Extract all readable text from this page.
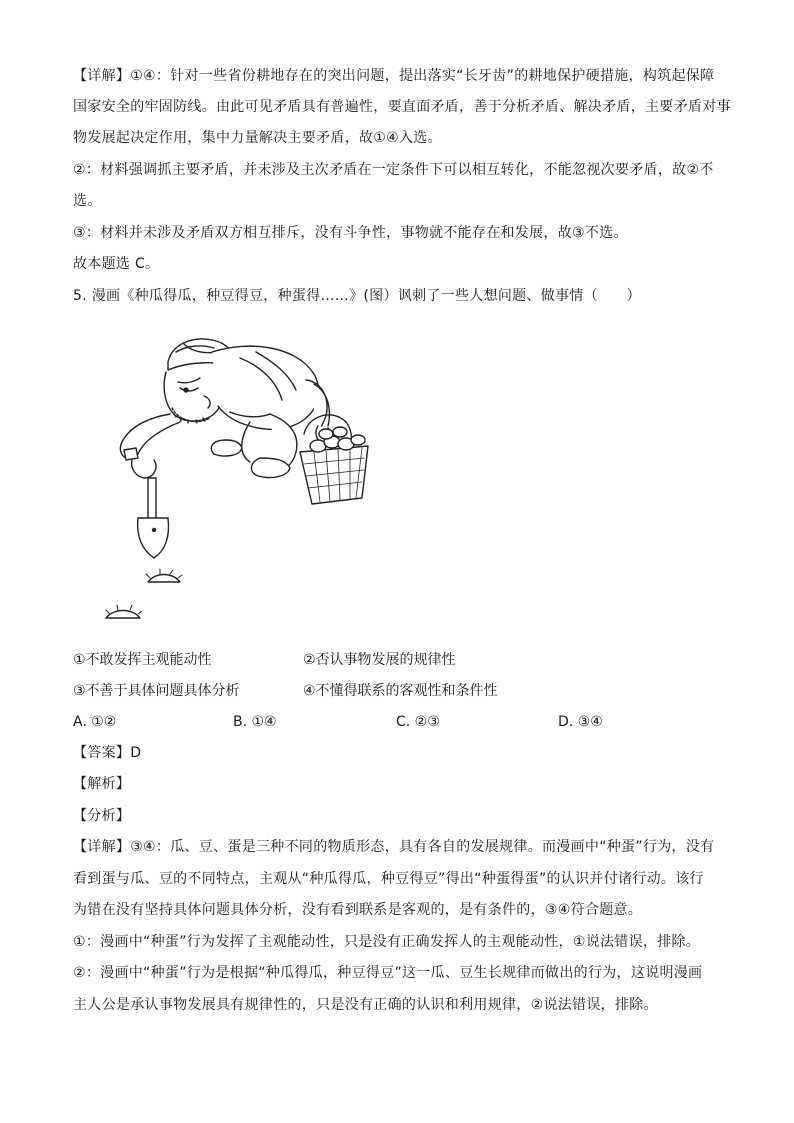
【详解】①④：针对一些省份耕地存在的突出问题，提出落实“长牙齿”的耕地保护硬措施，构筑起保障
国家安全的牢固防线。由此可见矛盾具有普遍性，要直面矛盾，善于分析矛盾、解决矛盾，主要矛盾对事
物发展起决定作用，集中力量解决主要矛盾，故①④入选。
②：材料强调抓主要矛盾，并未涉及主次矛盾在一定条件下可以相互转化，不能忽视次要矛盾，故②不
选。
③：材料并未涉及矛盾双方相互排斥，没有斗争性，事物就不能存在和发展，故③不选。
故本题选 C。
5. 漫画《种瓜得瓜，种豆得豆，种蛋得……》(图）讽刺了一些人想问题、做事情（　　）
①不敢发挥主观能动性	②否认事物发展的规律性
③不善于具体问题具体分析	④不懂得联系的客观性和条件性
A. ①②	B. ①④	C. ②③	D. ③④
【答案】D
【解析】
【分析】
【详解】③④：瓜、豆、蛋是三种不同的物质形态，具有各自的发展规律。而漫画中“种蛋”行为，没有
看到蛋与瓜、豆的不同特点，主观从“种瓜得瓜，种豆得豆”得出“种蛋得蛋”的认识并付诸行动。该行
为错在没有坚持具体问题具体分析，没有看到联系是客观的，是有条件的，③④符合题意。
①：漫画中“种蛋”行为发挥了主观能动性，只是没有正确发挥人的主观能动性，①说法错误，排除。
②：漫画中“种蛋”行为是根据“种瓜得瓜，种豆得豆”这一瓜、豆生长规律而做出的行为，这说明漫画
主人公是承认事物发展具有规律性的，只是没有正确的认识和利用规律，②说法错误，排除。
